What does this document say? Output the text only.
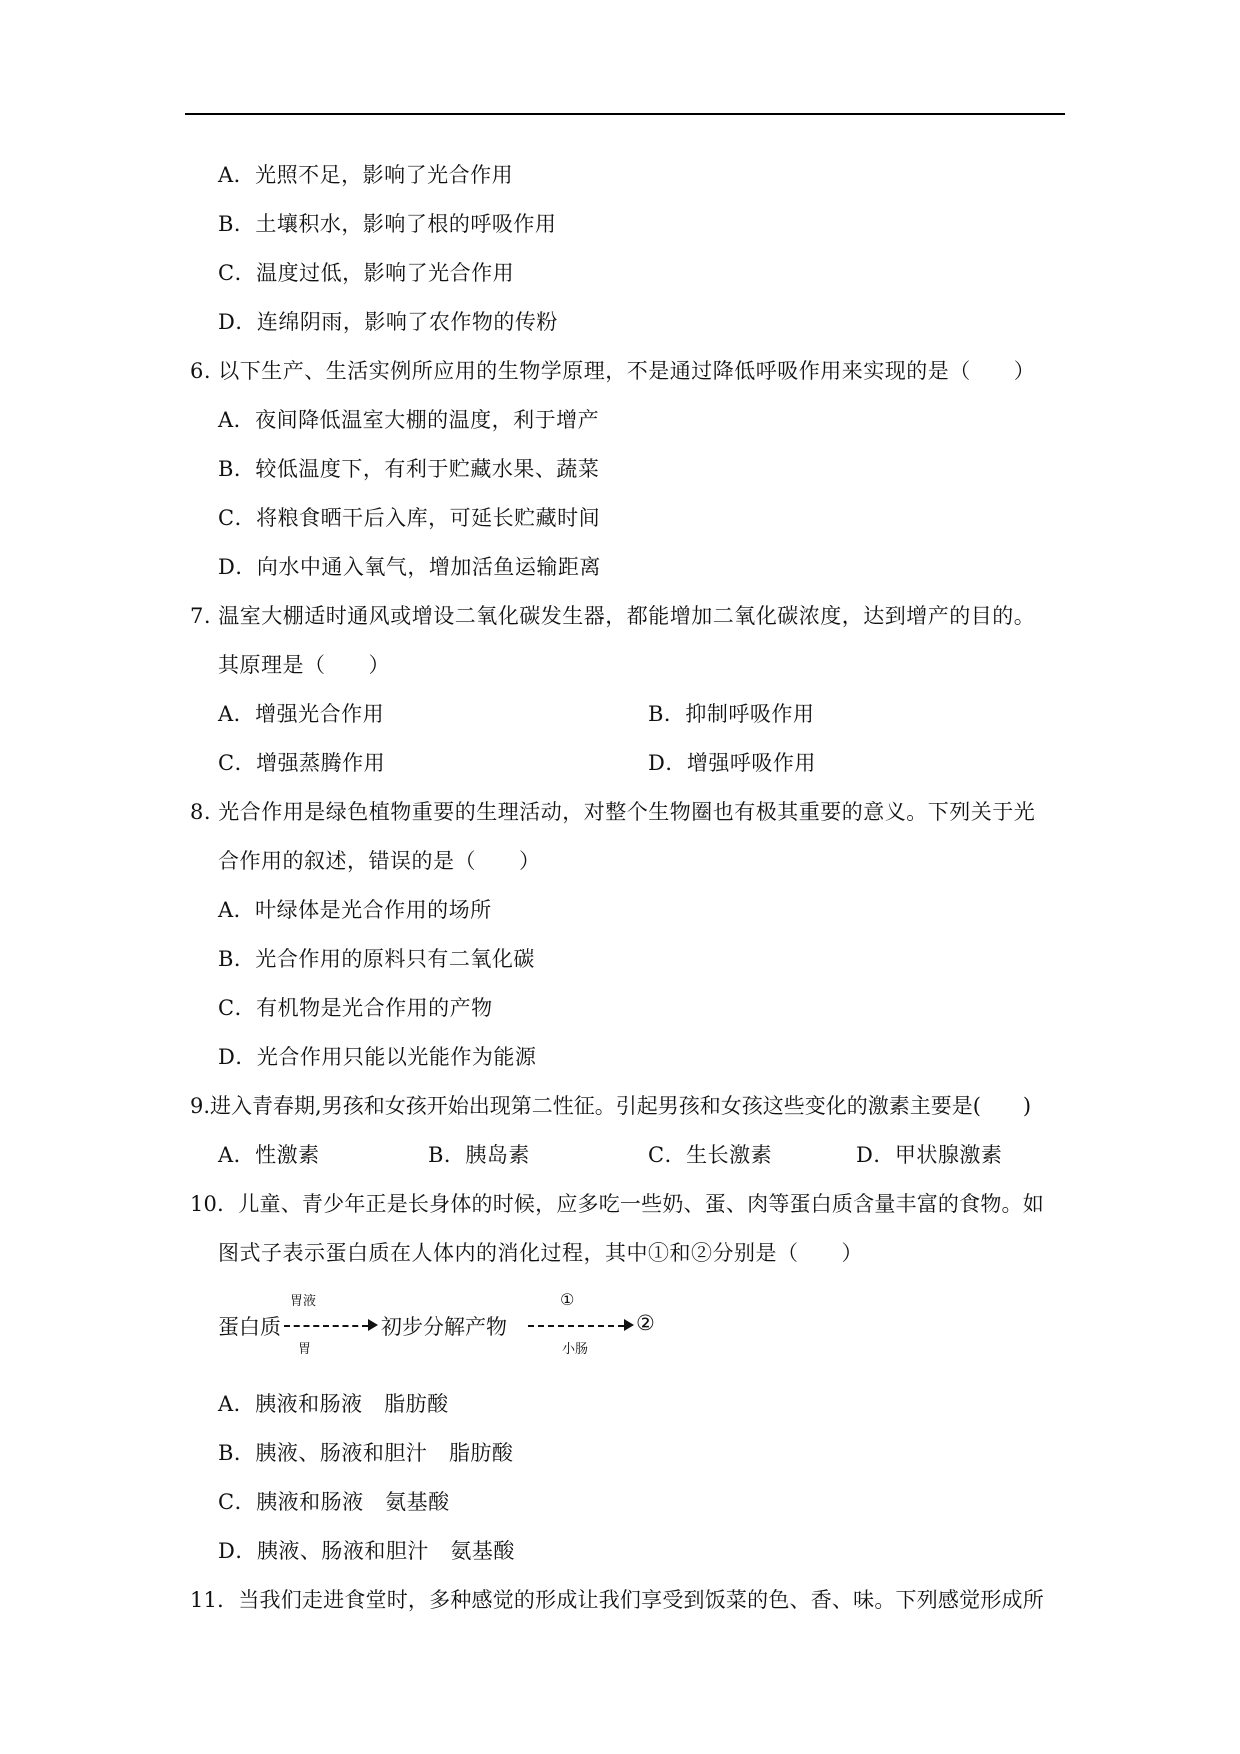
A．光照不足，影响了光合作用
B．土壤积水，影响了根的呼吸作用
C．温度过低，影响了光合作用
D．连绵阴雨，影响了农作物的传粉
6. 以下生产、生活实例所应用的生物学原理，不是通过降低呼吸作用来实现的是（　　）
A．夜间降低温室大棚的温度，利于增产
B．较低温度下，有利于贮藏水果、蔬菜
C．将粮食晒干后入库，可延长贮藏时间
D．向水中通入氧气，增加活鱼运输距离
7. 温室大棚适时通风或增设二氧化碳发生器，都能增加二氧化碳浓度，达到增产的目的。
其原理是（　　）
A．增强光合作用	B．抑制呼吸作用
C．增强蒸腾作用	D．增强呼吸作用
8. 光合作用是绿色植物重要的生理活动，对整个生物圈也有极其重要的意义。下列关于光
合作用的叙述，错误的是（　　）
A．叶绿体是光合作用的场所
B．光合作用的原料只有二氧化碳
C．有机物是光合作用的产物
D．光合作用只能以光能作为能源
9.进入青春期,男孩和女孩开始出现第二性征。引起男孩和女孩这些变化的激素主要是(　　)
A．性激素	B．胰岛素	C．生长激素	D．甲状腺激素
10．儿童、青少年正是长身体的时候，应多吃一些奶、蛋、肉等蛋白质含量丰富的食物。如
图式子表示蛋白质在人体内的消化过程，其中①和②分别是（　　）
蛋白质
胃液
胃
初步分解产物
①
小肠
②
A．胰液和肠液　脂肪酸
B．胰液、肠液和胆汁　脂肪酸
C．胰液和肠液　氨基酸
D．胰液、肠液和胆汁　氨基酸
11．当我们走进食堂时，多种感觉的形成让我们享受到饭菜的色、香、味。下列感觉形成所
